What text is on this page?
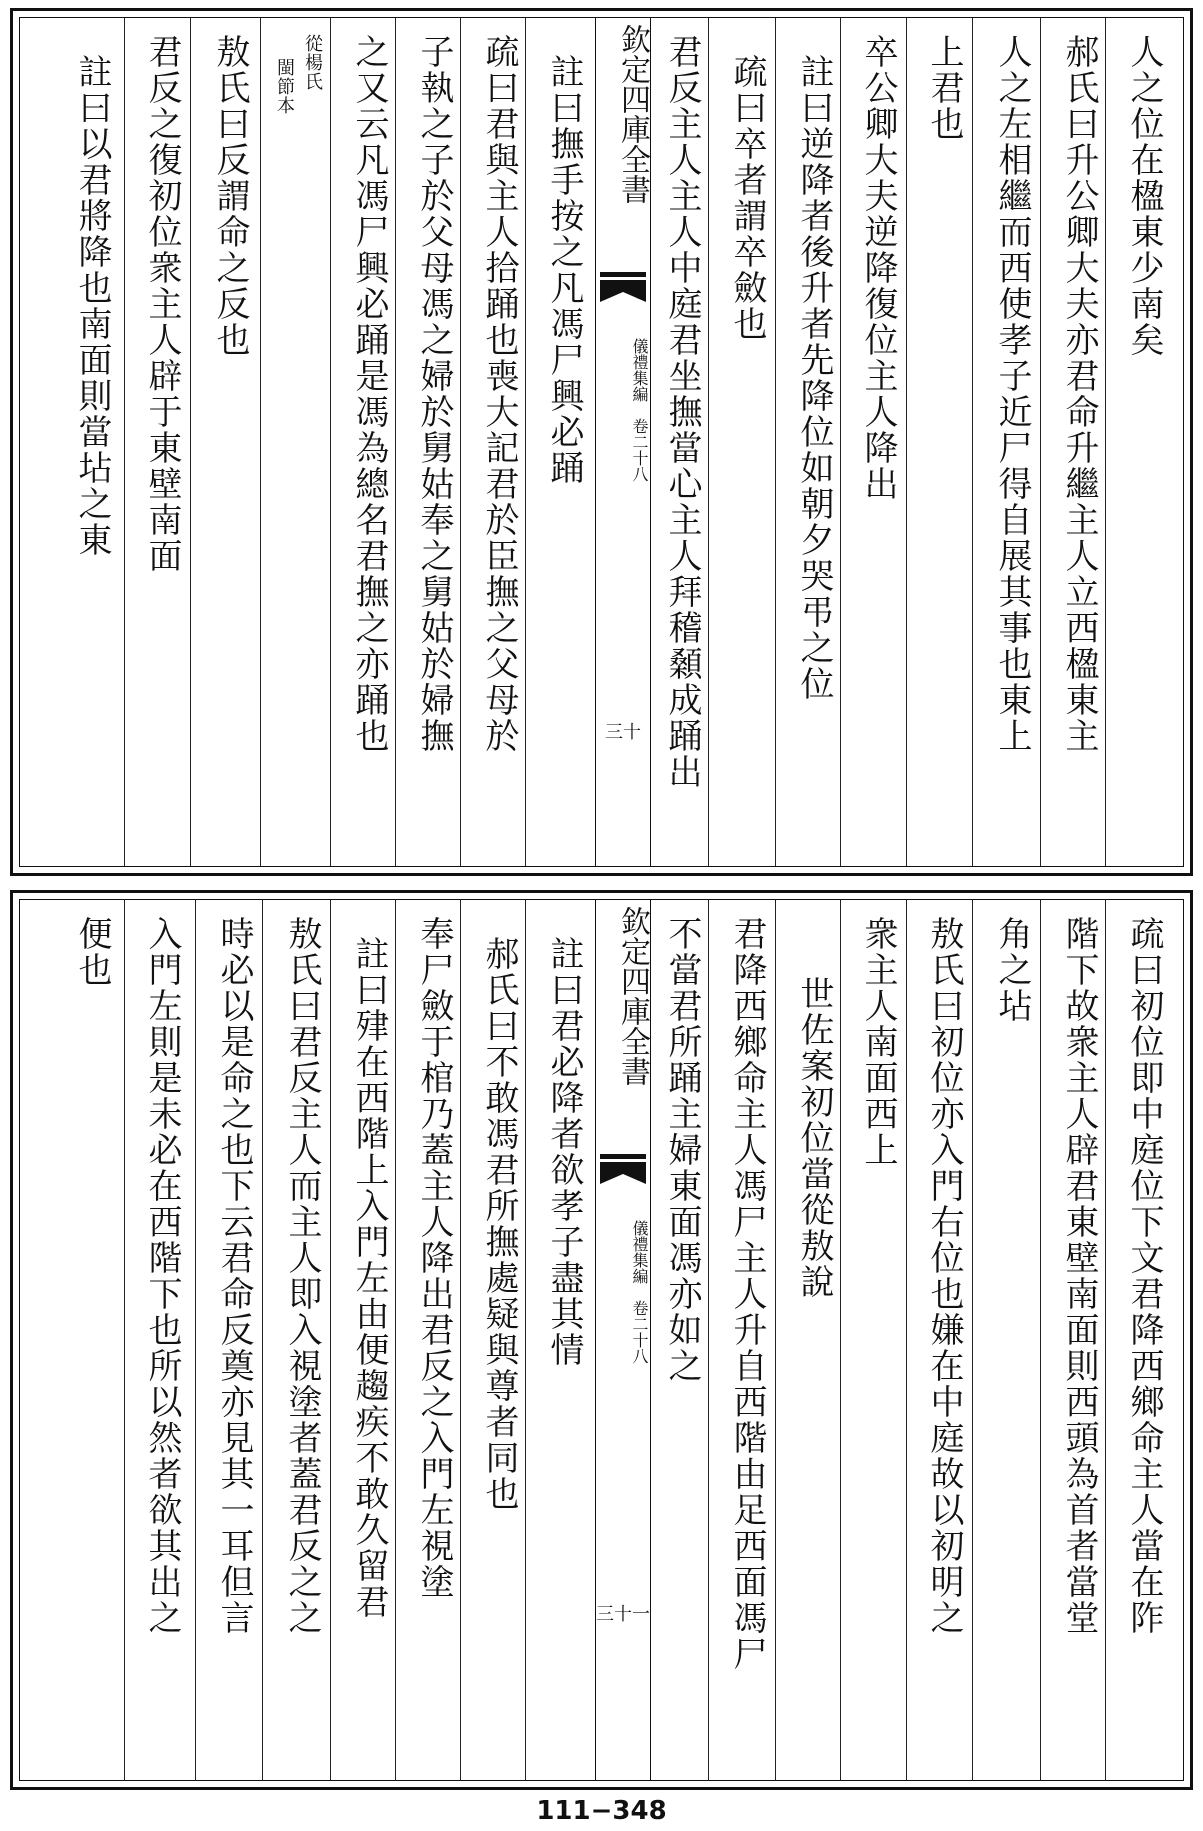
人之位在楹東少南矣
郝氏曰升公卿大夫亦君命升繼主人立西楹東主
人之左相繼而西使孝子近尸得自展其事也東上
上君也
卒公卿大夫逆降復位主人降出
註曰逆降者後升者先降位如朝夕哭弔之位
疏曰卒者謂卒斂也
君反主人主人中庭君坐撫當心主人拜稽顙成踊出
欽定四庫全書
儀禮集編　卷二十八
三十
註曰撫手按之凡馮尸興必踊
疏曰君與主人拾踊也喪大記君於臣撫之父母於
子執之子於父母馮之婦於舅姑奉之舅姑於婦撫
之又云凡馮尸興必踊是馮為總名君撫之亦踊也
從楊氏
閩節本
敖氏曰反謂命之反也
君反之復初位衆主人辟于東壁南面
註曰以君將降也南面則當坫之東
疏曰初位即中庭位下文君降西鄉命主人當在阼
階下故衆主人辟君東壁南面則西頭為首者當堂
角之坫
敖氏曰初位亦入門右位也嫌在中庭故以初明之
衆主人南面西上
世佐案初位當從敖說
君降西鄉命主人馮尸主人升自西階由足西面馮尸
不當君所踊主婦東面馮亦如之
欽定四庫全書
儀禮集編　卷二十八
三十一
註曰君必降者欲孝子盡其情
郝氏曰不敢馮君所撫處疑與尊者同也
奉尸斂于棺乃蓋主人降出君反之入門左視塗
註曰肂在西階上入門左由便趨疾不敢久留君
敖氏曰君反主人而主人即入視塗者蓋君反之之
時必以是命之也下云君命反奠亦見其一耳但言
入門左則是未必在西階下也所以然者欲其出之
便也
111−348
